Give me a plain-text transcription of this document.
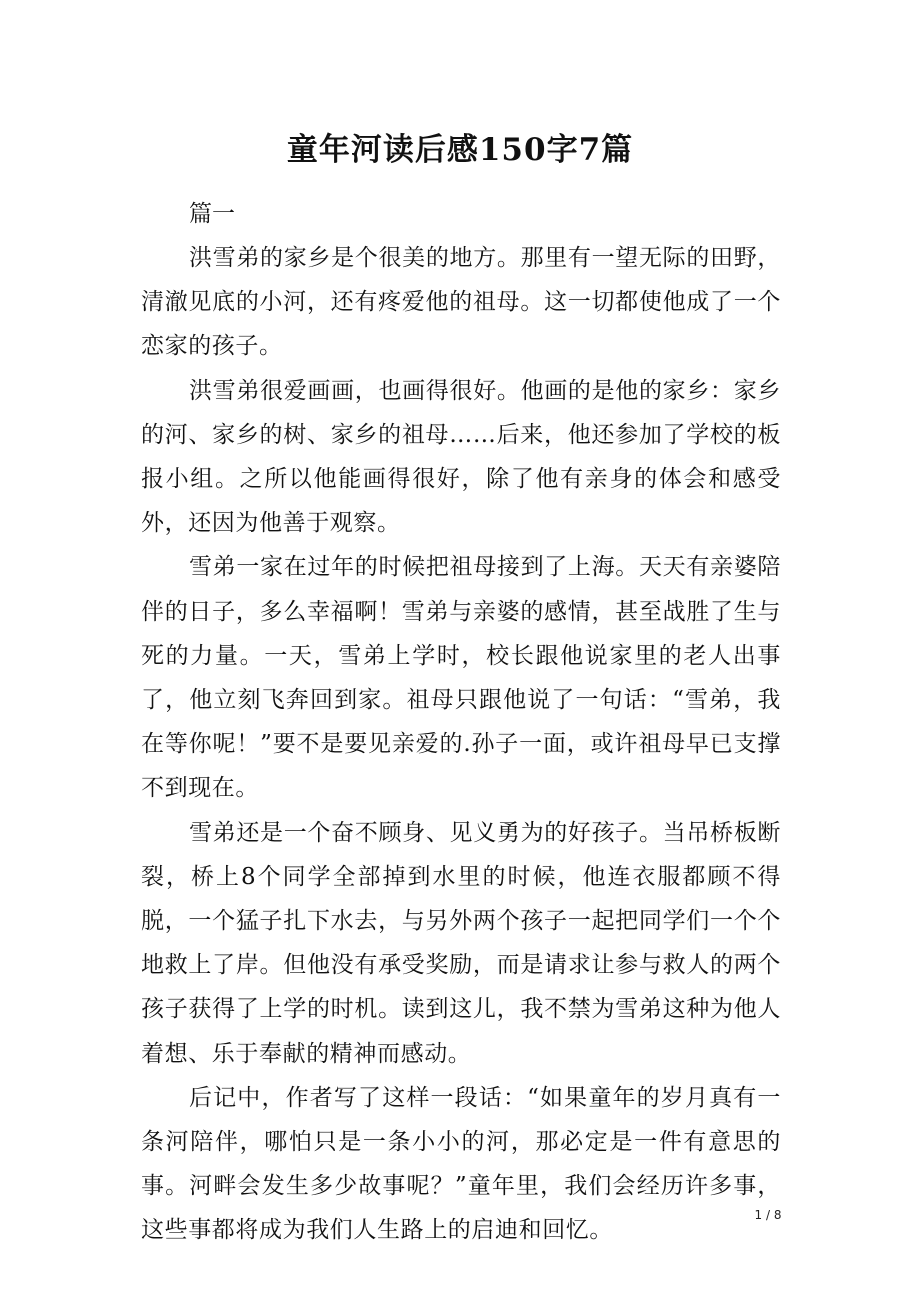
童年河读后感150字7篇

篇一

洪雪弟的家乡是个很美的地方。那里有一望无际的田野，清澈见底的小河，还有疼爱他的祖母。这一切都使他成了一个恋家的孩子。

洪雪弟很爱画画，也画得很好。他画的是他的家乡：家乡的河、家乡的树、家乡的祖母……后来，他还参加了学校的板报小组。之所以他能画得很好，除了他有亲身的体会和感受外，还因为他善于观察。

雪弟一家在过年的时候把祖母接到了上海。天天有亲婆陪伴的日子，多么幸福啊！雪弟与亲婆的感情，甚至战胜了生与死的力量。一天，雪弟上学时，校长跟他说家里的老人出事了，他立刻飞奔回到家。祖母只跟他说了一句话：“雪弟，我在等你呢！”要不是要见亲爱的.孙子一面，或许祖母早已支撑不到现在。

雪弟还是一个奋不顾身、见义勇为的好孩子。当吊桥板断裂，桥上8个同学全部掉到水里的时候，他连衣服都顾不得脱，一个猛子扎下水去，与另外两个孩子一起把同学们一个个地救上了岸。但他没有承受奖励，而是请求让参与救人的两个孩子获得了上学的时机。读到这儿，我不禁为雪弟这种为他人着想、乐于奉献的精神而感动。

后记中，作者写了这样一段话：“如果童年的岁月真有一条河陪伴，哪怕只是一条小小的河，那必定是一件有意思的事。河畔会发生多少故事呢？”童年里，我们会经历许多事，这些事都将成为我们人生路上的启迪和回忆。

1 / 8
